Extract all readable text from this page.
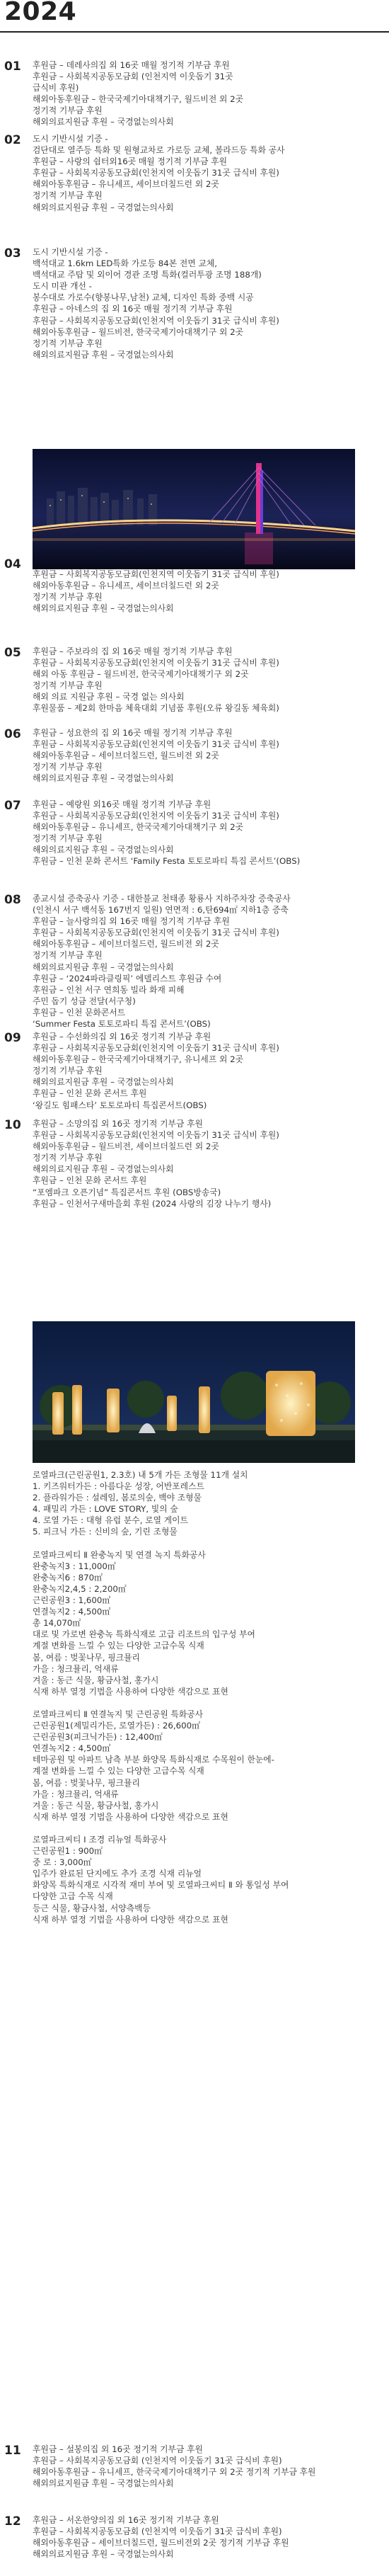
2024
01 후원금 – 데레사의집 외 16곳 매월 정기적 기부금 후원
후원금 – 사회복지공동모금회 (인천지역 이웃돕기 31곳
급식비 후원)
해외아동후원금 – 한국국제기아대책기구, 월드비전 외 2곳
정기적 기부금 후원
해외의료지원금 후원 – 국경없는의사회
02 도시 기반시설 기증 -
검단대로 열주등 특화 및 원형교차로 가로등 교체, 볼라드등 특화 공사
후원금 – 사랑의 쉼터외16곳 매월 정기적 기부금 후원
후원금 – 사회복지공동모금회(인천지역 이웃돕기 31곳 급식비 후원)
해외아동후원금 – 유니세프, 세이브더칠드런 외 2곳
정기적 기부금 후원
해외의료지원금 후원 – 국경없는의사회
03 도시 기반시설 기증 -
백석대교 1.6km LED특화 가로등 84본 전면 교체,
백석대교 주탑 및 외이어 경관 조명 특화(컬러투광 조명 188개)
도시 미관 개선 -
봉수대로 가로수(향봉나무,남천) 교체, 디자인 특화 중백 시공
후원금 – 아네스의 집 외 16곳 매월 정기적 기부금 후원
후원금 – 사회복지공동모금회(인천지역 이웃돕기 31곳 급식비 후원)
해외아동후원금 – 월드비전, 한국국제기아대책기구 외 2곳
정기적 기부금 후원
해외의료지원금 후원 – 국경없는의사회
04
후원금 – 사회복지공동모금회(인천지역 이웃돕기 31곳 급식비 후원)
해외아동후원금 – 유니세프, 세이브더칠드런 외 2곳
정기적 기부금 후원
해외의료지원금 후원 – 국경없는의사회
05 후원금 – 주보라의 집 외 16곳 매월 정기적 기부금 후원
후원금 – 사회복지공동모금회(인천지역 이웃돕기 31곳 급식비 후원)
해외 아동 후원금 – 월드비전, 한국국제기아대책기구 외 2곳
정기적 기부금 후원
해외 의료 지원금 후원 – 국경 없는 의사회
후원물품 – 제2회 한마음 체육대회 기념품 후원(오류 왕길동 체육회)
06 후원금 – 성요한의 집 외 16곳 매월 정기적 기부금 후원
후원금 – 사회복지공동모금회(인천지역 이웃돕기 31곳 급식비 후원)
해외아동후원금 – 세이브더칠드런, 월드비전 외 2곳
정기적 기부금 후원
해외의료지원금 후원 – 국경없는의사회
07 후원금 – 예랑원 외16곳 매월 정기적 기부금 후원
후원금 – 사회복지공동모금회(인천지역 이웃돕기 31곳 급식비 후원)
해외아동후원금 – 유니세프, 한국국제기아대책기구 외 2곳
정기적 기부금 후원
해외의료지원금 후원 – 국경없는의사회
후원금 – 인천 문화 콘서트 ‘Family Festa 토토로파티 특집 콘서트’(OBS)
08 종교시설 증축공사 기증 - 대한불교 천태종 황룡사 지하주차장 증축공사
(인천시 서구 백석동 167번지 일원) 연면적 : 6,탄694㎡ 지하1층 증축
후원금 – 늘사랑의집 외 16곳 매월 정기적 기부금 후원
후원금 – 사회복지공동모금회(인천지역 이웃돕기 31곳 급식비 후원)
해외아동후원금 – 세이브더칠드런, 월드비전 외 2곳
정기적 기부금 후원
해외의료지원금 후원 – 국경없는의사회
후원금 – ‘2024파라클링픽’ 에델리스트 후원금 수여
후원금 – 인천 서구 연희동 빌라 화재 피해
주민 돕기 성금 전달(서구청)
후원금 – 인천 문화콘서트
‘Summer Festa 토토로파티 특집 콘서트’(OBS)
09 후원금 – 수선화의집 외 16곳 정기적 기부금 후원
후원금 – 사회복지공동모금회(인천지역 이웃돕기 31곳 급식비 후원)
해외아동후원금 – 한국국제기아대책기구, 유니세프 외 2곳
정기적 기부금 후원
해외의료지원금 후원 – 국경없는의사회
후원금 – 인천 문화 콘서트 후원
‘왕길도 힘패스타’ 토토로파티 특집콘서트(OBS)
10 후원금 – 소망의집 외 16곳 정기적 기부금 후원
후원금 – 사회복지공동모금회(인천지역 이웃돕기 31곳 급식비 후원)
해외아동후원금 – 월드비전, 세이브더칠드런 외 2곳
정기적 기부금 후원
해외의료지원금 후원 – 국경없는의사회
후원금 – 인천 문화 콘서트 후원
“포엠파크 오픈기념” 특집콘서트 후원 (OBS방송국)
후원금 – 인천서구새마을회 후원 (2024 사랑의 김장 나누기 행사)
로열파크(근린공원1, 2.3호) 내 5개 가든 조형물 11개 설치
1. 키즈워터가든 : 아름다운 성장, 어반포레스트
2. 플라워가든 : 설레임, 봄로의숲, 백야 조형물
4. 패밀리 가든 : LOVE STORY, 빛의 숲
4. 로열 가든 : 대형 유럽 분수, 로열 게이트
5. 피크닉 가든 : 신비의 숲, 기린 조형물

로열파크씨티 Ⅱ 완충녹지 및 연결 녹지 특화공사
완충녹지3 : 11,000㎡
완충녹지6 : 870㎡
완충녹지2,4,5 : 2,200㎡
근린공원3 : 1,600㎡
연결녹지2 : 4,500㎡
총 14,070㎡
대로 및 가로변 완충녹 특화식재로 고급 리조트의 입구성 부여
계절 변화를 느낄 수 있는 다양한 고급수목 식재
봄, 여름 : 벚꽃나무, 핑크뮬리
가을 : 청크뮬리, 억새류
겨울 : 동근 식물, 황금사철, 홍가시
식재 하부 열정 기법을 사용하여 다양한 색감으로 표현

로열파크씨티 Ⅱ 연결녹지 및 근린공원 특화공사
근린공원1(제밀리가든, 로열가든) : 26,600㎡
근린공원3(피크닉가든) : 12,400㎡
연결녹지2 : 4,500㎡
테마공원 및 아파트 남측 부분 화양목 특화식재로 수목원이 한눈에-
계절 변화를 느낄 수 있는 다양한 고급수목 식재
봄, 여름 : 벚꽃나무, 핑크뮬리
가을 : 청크뮬리, 억새류
겨울 : 동근 식물, 황금사철, 홍가시
식재 하부 열정 기법을 사용하여 다양한 색감으로 표현

로열파크씨티 Ⅰ 조경 리뉴얼 특화공사
근린공원1 : 900㎡
중 로 : 3,000㎡
입주가 완료된 단지에도 추가 조경 식재 리뉴얼
화양목 특화식재로 시각적 재미 부여 및 로열파크씨티 Ⅱ 와 통일성 부여
다양한 고급 수목 식재
등근 식물, 황금사철, 서양측백등
식재 하부 열정 기법을 사용하여 다양한 색감으로 표현
11 후원금 – 설봉의집 외 16곳 정기적 기부금 후원
후원금 – 사회복지공동모금회 (인천지역 이웃돕기 31곳 급식비 후원)
해외아동후원금 – 유니세프, 한국국제기아대책기구 외 2곳 정기적 기부금 후원
해외의료지원금 후원 – 국경없는의사회
12 후원금 – 서온한양의집 외 16곳 정기적 기부금 후원
후원금 – 사회복지공동모금회 (인천지역 이웃돕기 31곳 급식비 후원)
해외아동후원금 – 세이브더칠드런, 월드비전외 2곳 정기적 기부금 후원
해외의료지원금 후원 – 국경없는의사회
